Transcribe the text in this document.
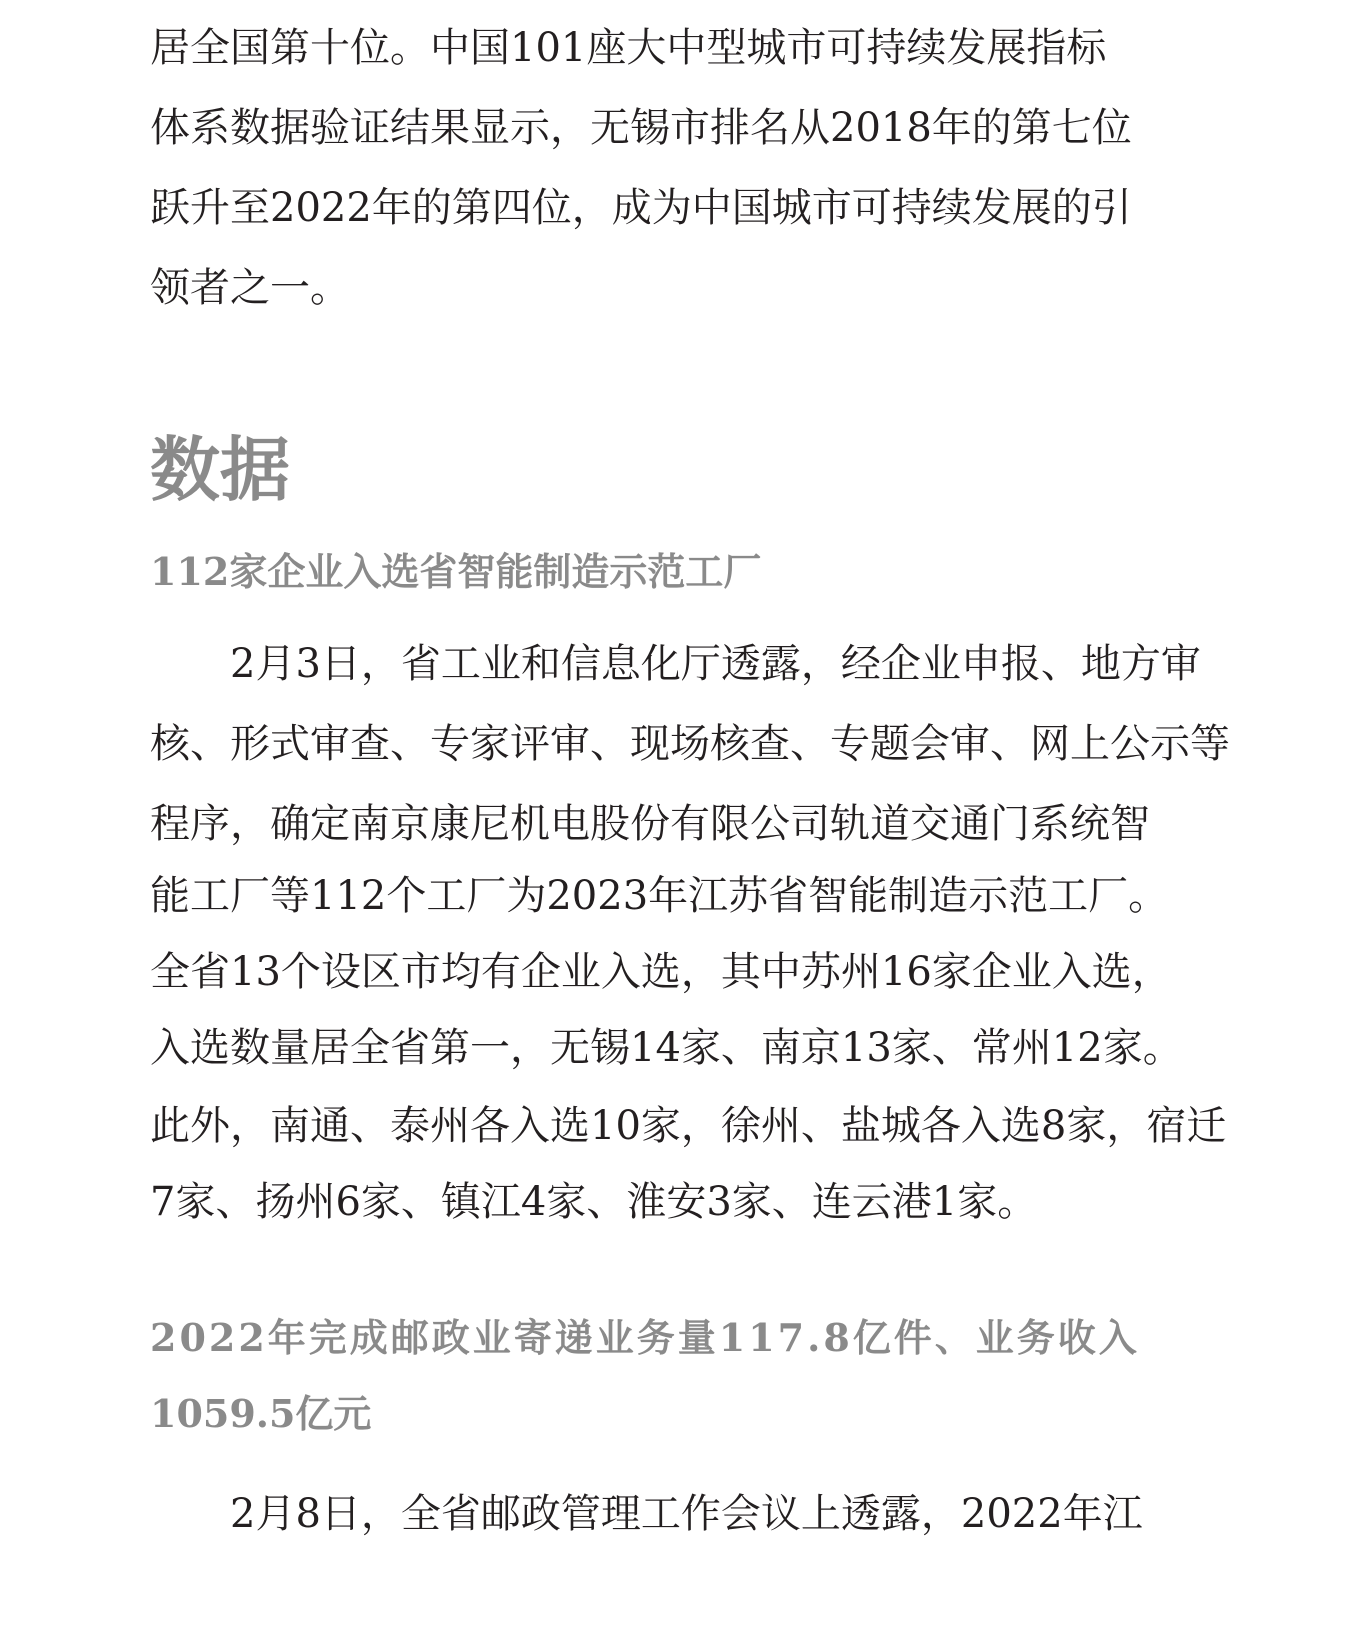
居全国第十位。中国101座大中型城市可持续发展指标
体系数据验证结果显示，无锡市排名从2018年的第七位
跃升至2022年的第四位，成为中国城市可持续发展的引
领者之一。
数据
112家企业入选省智能制造示范工厂
　　2月3日，省工业和信息化厅透露，经企业申报、地方审
核、形式审查、专家评审、现场核查、专题会审、网上公示等
程序，确定南京康尼机电股份有限公司轨道交通门系统智
能工厂等112个工厂为2023年江苏省智能制造示范工厂。
全省13个设区市均有企业入选，其中苏州16家企业入选，
入选数量居全省第一，无锡14家、南京13家、常州12家。
此外，南通、泰州各入选10家，徐州、盐城各入选8家，宿迁
7家、扬州6家、镇江4家、淮安3家、连云港1家。
2022年完成邮政业寄递业务量117.8亿件、业务收入
1059.5亿元
　　2月8日，全省邮政管理工作会议上透露，2022年江
